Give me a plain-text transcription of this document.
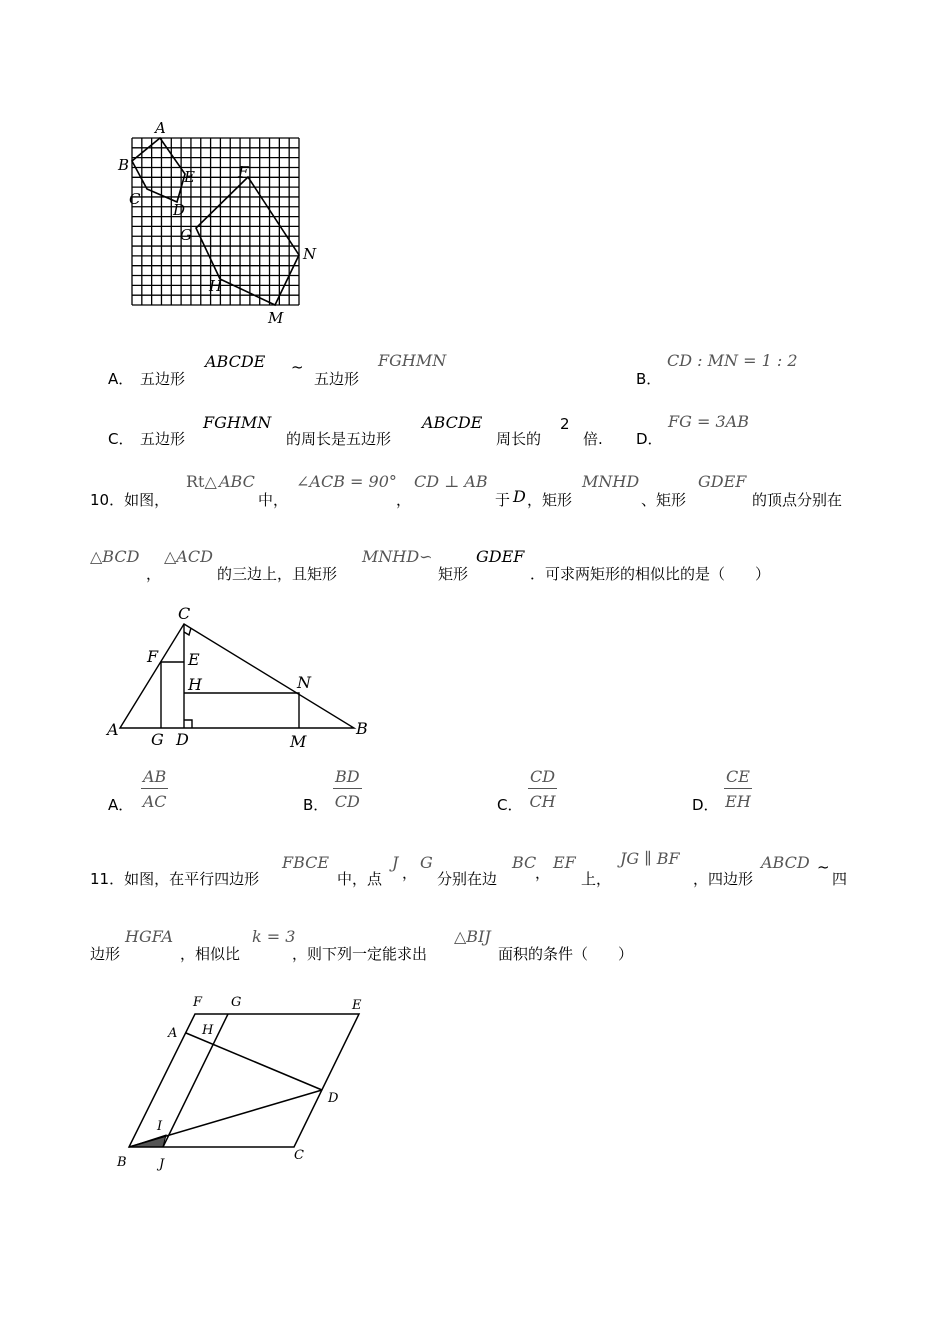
A
B
C
D
E	F
G
H
M
N
A． 五边形
ABCDE ~
五边形
FGHMN
B．
CD : MN = 1 : 2
C． 五边形
FGHMN
的周长是五边形
ABCDE
周长的
2
倍. D．
FG = 3AB
10．如图，
Rt△ ABC
中，
∠ACB = 90°
，
CD ⊥ AB
于 D ，矩形
MNHD
、矩形
GDEF
的顶点分别在
△BCD
，
△ACD
的三边上，且矩形
MNHD∽
矩形
GDEF
．可求两矩形的相似比的是（　　）
A	B
C
D
E
F
G
H
M
N
A． $\frac{AB}{AC}$	B． $\frac{BD}{CD}$	C． $\frac{CD}{CH}$	D． $\frac{CE}{EH}$
11．如图，在平行四边形
FBCE
中，点
J
，
G
分别在边
BC
，
EF
上，
JG ∥ BF
，四边形
ABCD ~
四
边形
HGFA
，相似比
k = 3
，则下列一定能求出
△BIJ
面积的条件（　　）
A
B	C
D
E
F G
H
I
J
